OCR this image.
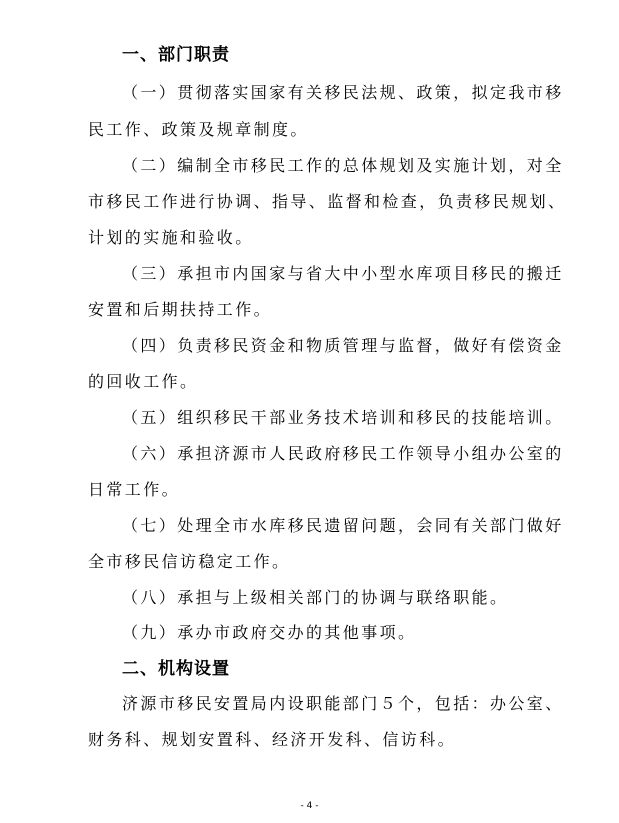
一、部门职责
（一）贯彻落实国家有关移民法规、政策，拟定我市移
民工作、政策及规章制度。
（二）编制全市移民工作的总体规划及实施计划，对全
市移民工作进行协调、指导、监督和检查，负责移民规划、
计划的实施和验收。
（三）承担市内国家与省大中小型水库项目移民的搬迁
安置和后期扶持工作。
（四）负责移民资金和物质管理与监督，做好有偿资金
的回收工作。
（五）组织移民干部业务技术培训和移民的技能培训。
（六）承担济源市人民政府移民工作领导小组办公室的
日常工作。
（七）处理全市水库移民遗留问题，会同有关部门做好
全市移民信访稳定工作。
（八）承担与上级相关部门的协调与联络职能。
（九）承办市政府交办的其他事项。
二、机构设置
济源市移民安置局内设职能部门５个，包括：办公室、
财务科、规划安置科、经济开发科、信访科。
- 4 -
